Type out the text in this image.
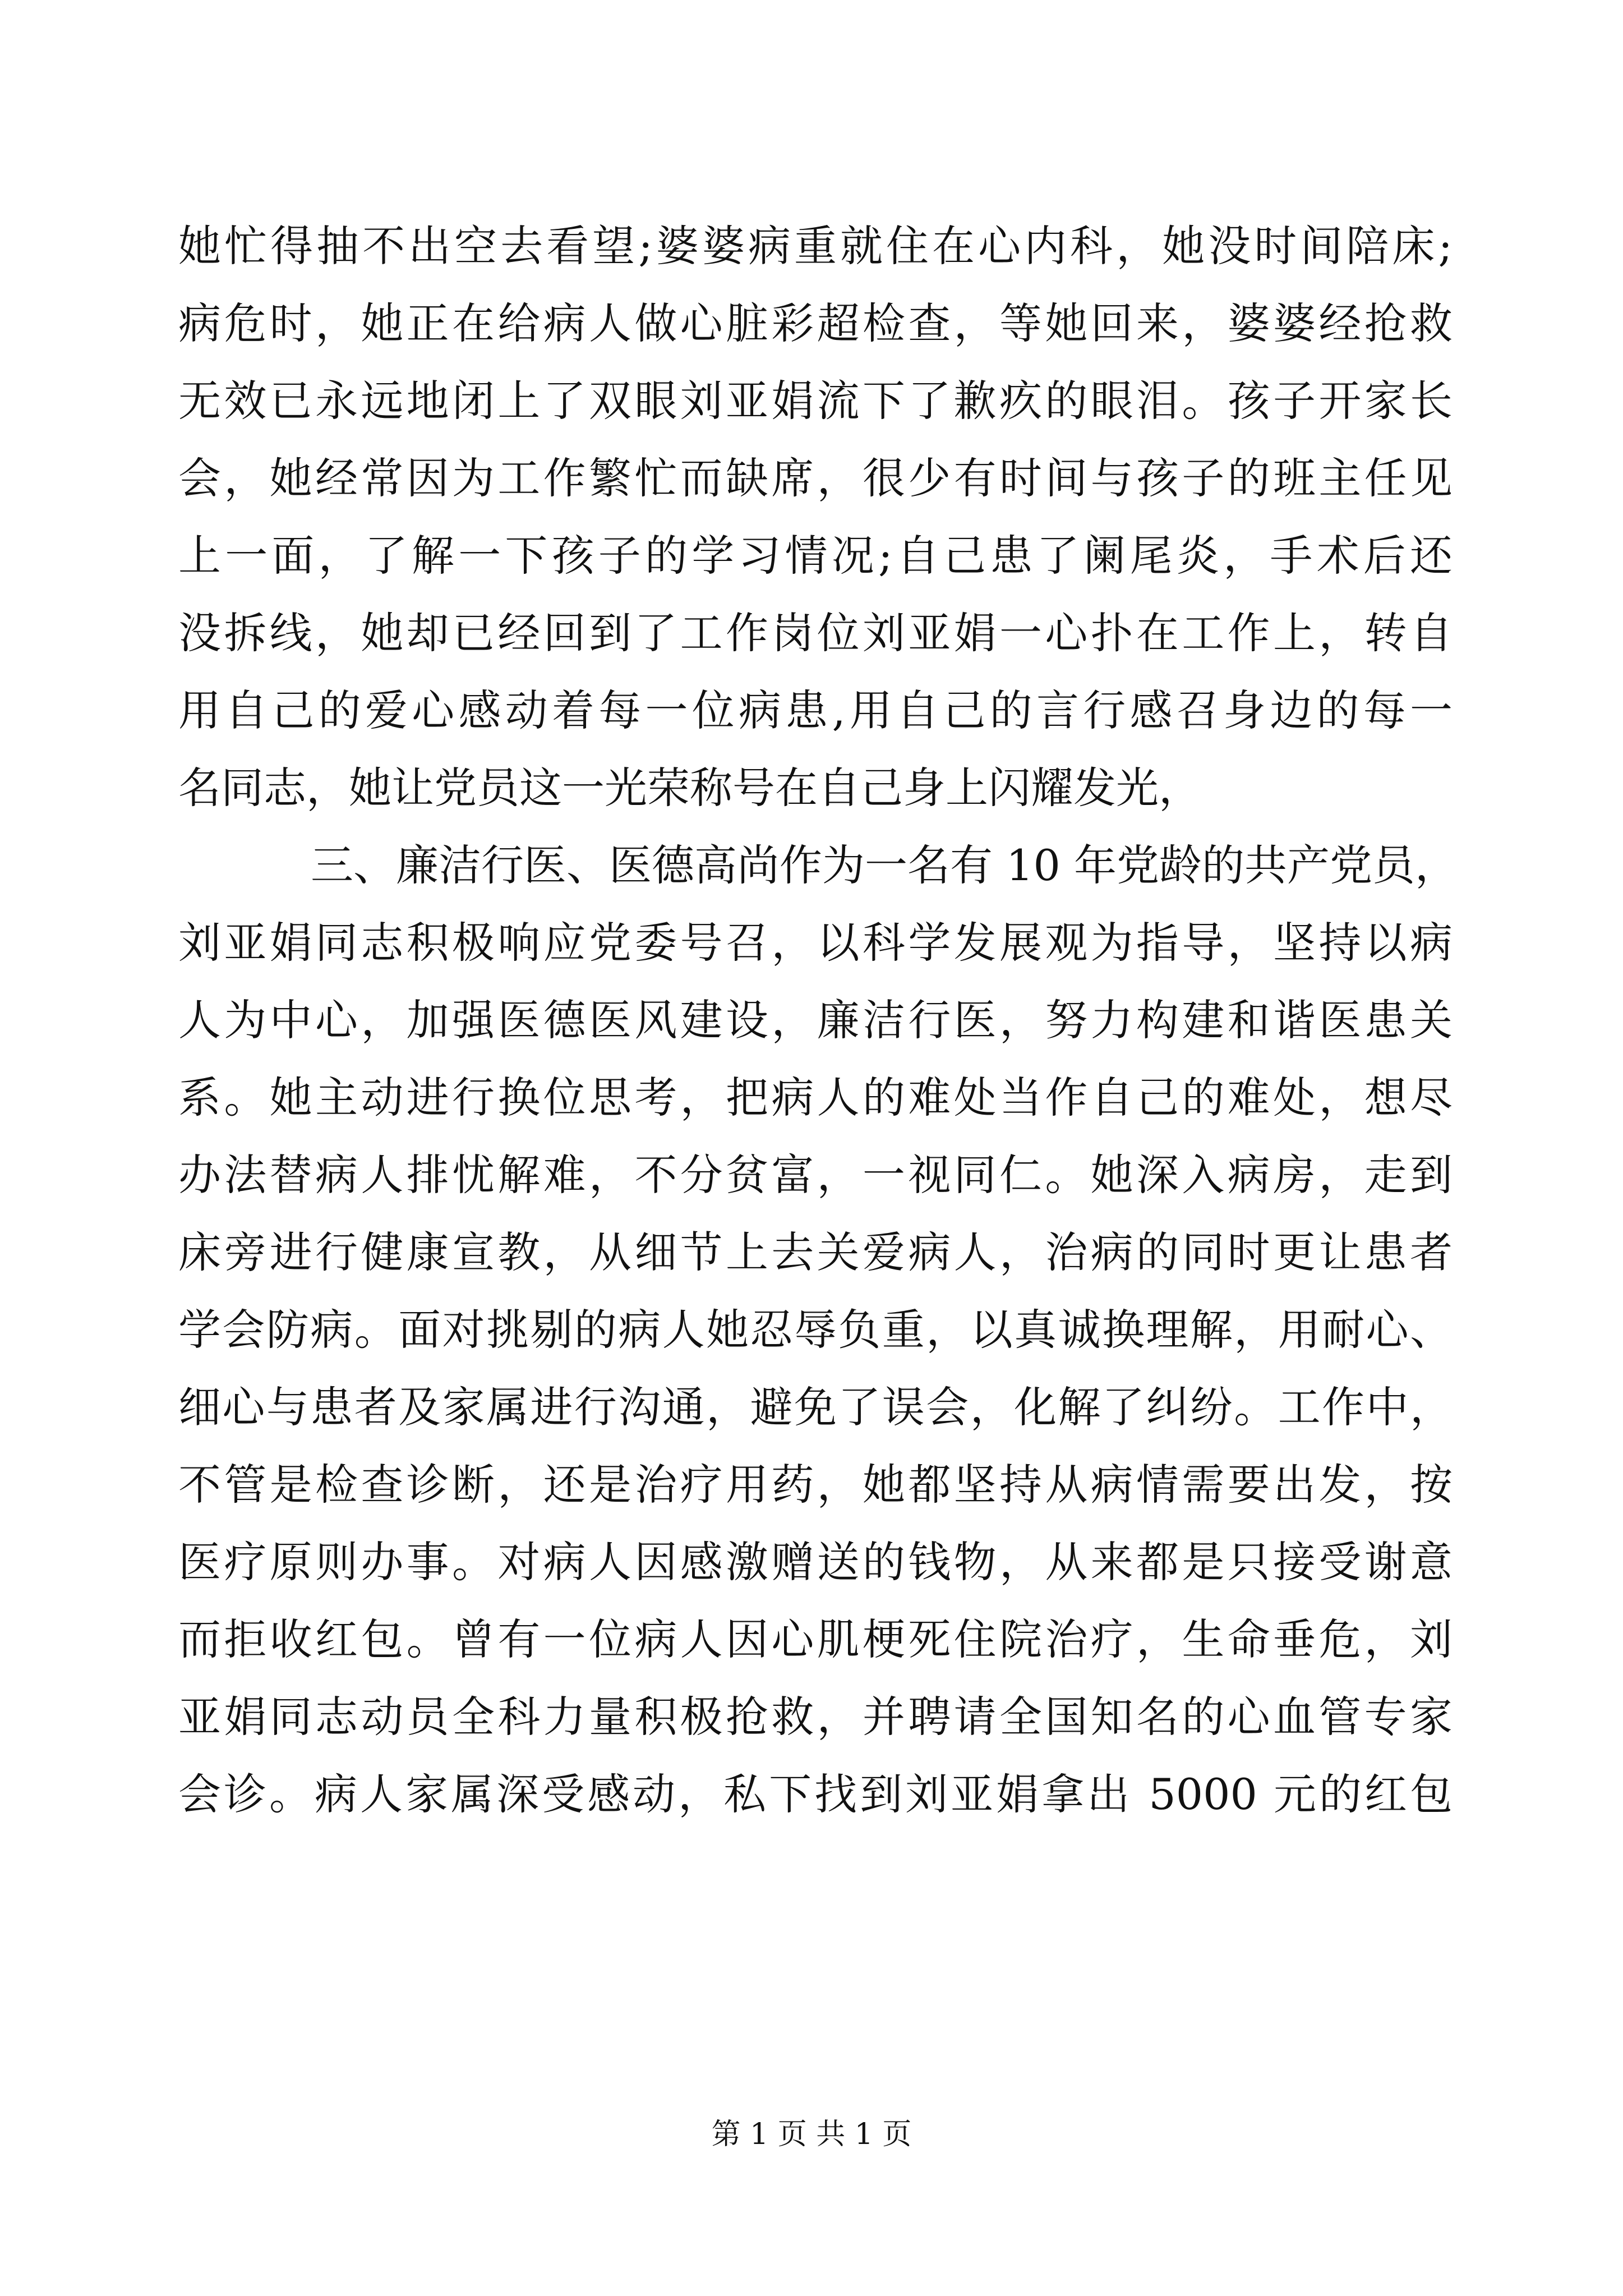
她忙得抽不出空去看望;婆婆病重就住在心内科，她没时间陪床;
病危时，她正在给病人做心脏彩超检查，等她回来，婆婆经抢救
无效已永远地闭上了双眼刘亚娟流下了歉疚的眼泪。孩子开家长
会，她经常因为工作繁忙而缺席，很少有时间与孩子的班主任见
上一面，了解一下孩子的学习情况;自己患了阑尾炎，手术后还
没拆线，她却已经回到了工作岗位刘亚娟一心扑在工作上，转自
用自己的爱心感动着每一位病患,用自己的言行感召身边的每一
名同志，她让党员这一光荣称号在自己身上闪耀发光，
三、廉洁行医、医德高尚作为一名有 10 年党龄的共产党员，
刘亚娟同志积极响应党委号召，以科学发展观为指导，坚持以病
人为中心，加强医德医风建设，廉洁行医，努力构建和谐医患关
系。她主动进行换位思考，把病人的难处当作自己的难处，想尽
办法替病人排忧解难，不分贫富，一视同仁。她深入病房，走到
床旁进行健康宣教，从细节上去关爱病人，治病的同时更让患者
学会防病。面对挑剔的病人她忍辱负重，以真诚换理解，用耐心、
细心与患者及家属进行沟通，避免了误会，化解了纠纷。工作中，
不管是检查诊断，还是治疗用药，她都坚持从病情需要出发，按
医疗原则办事。对病人因感激赠送的钱物，从来都是只接受谢意
而拒收红包。曾有一位病人因心肌梗死住院治疗，生命垂危，刘
亚娟同志动员全科力量积极抢救，并聘请全国知名的心血管专家
会诊。病人家属深受感动，私下找到刘亚娟拿出 5000 元的红包
第 1 页 共 1 页
